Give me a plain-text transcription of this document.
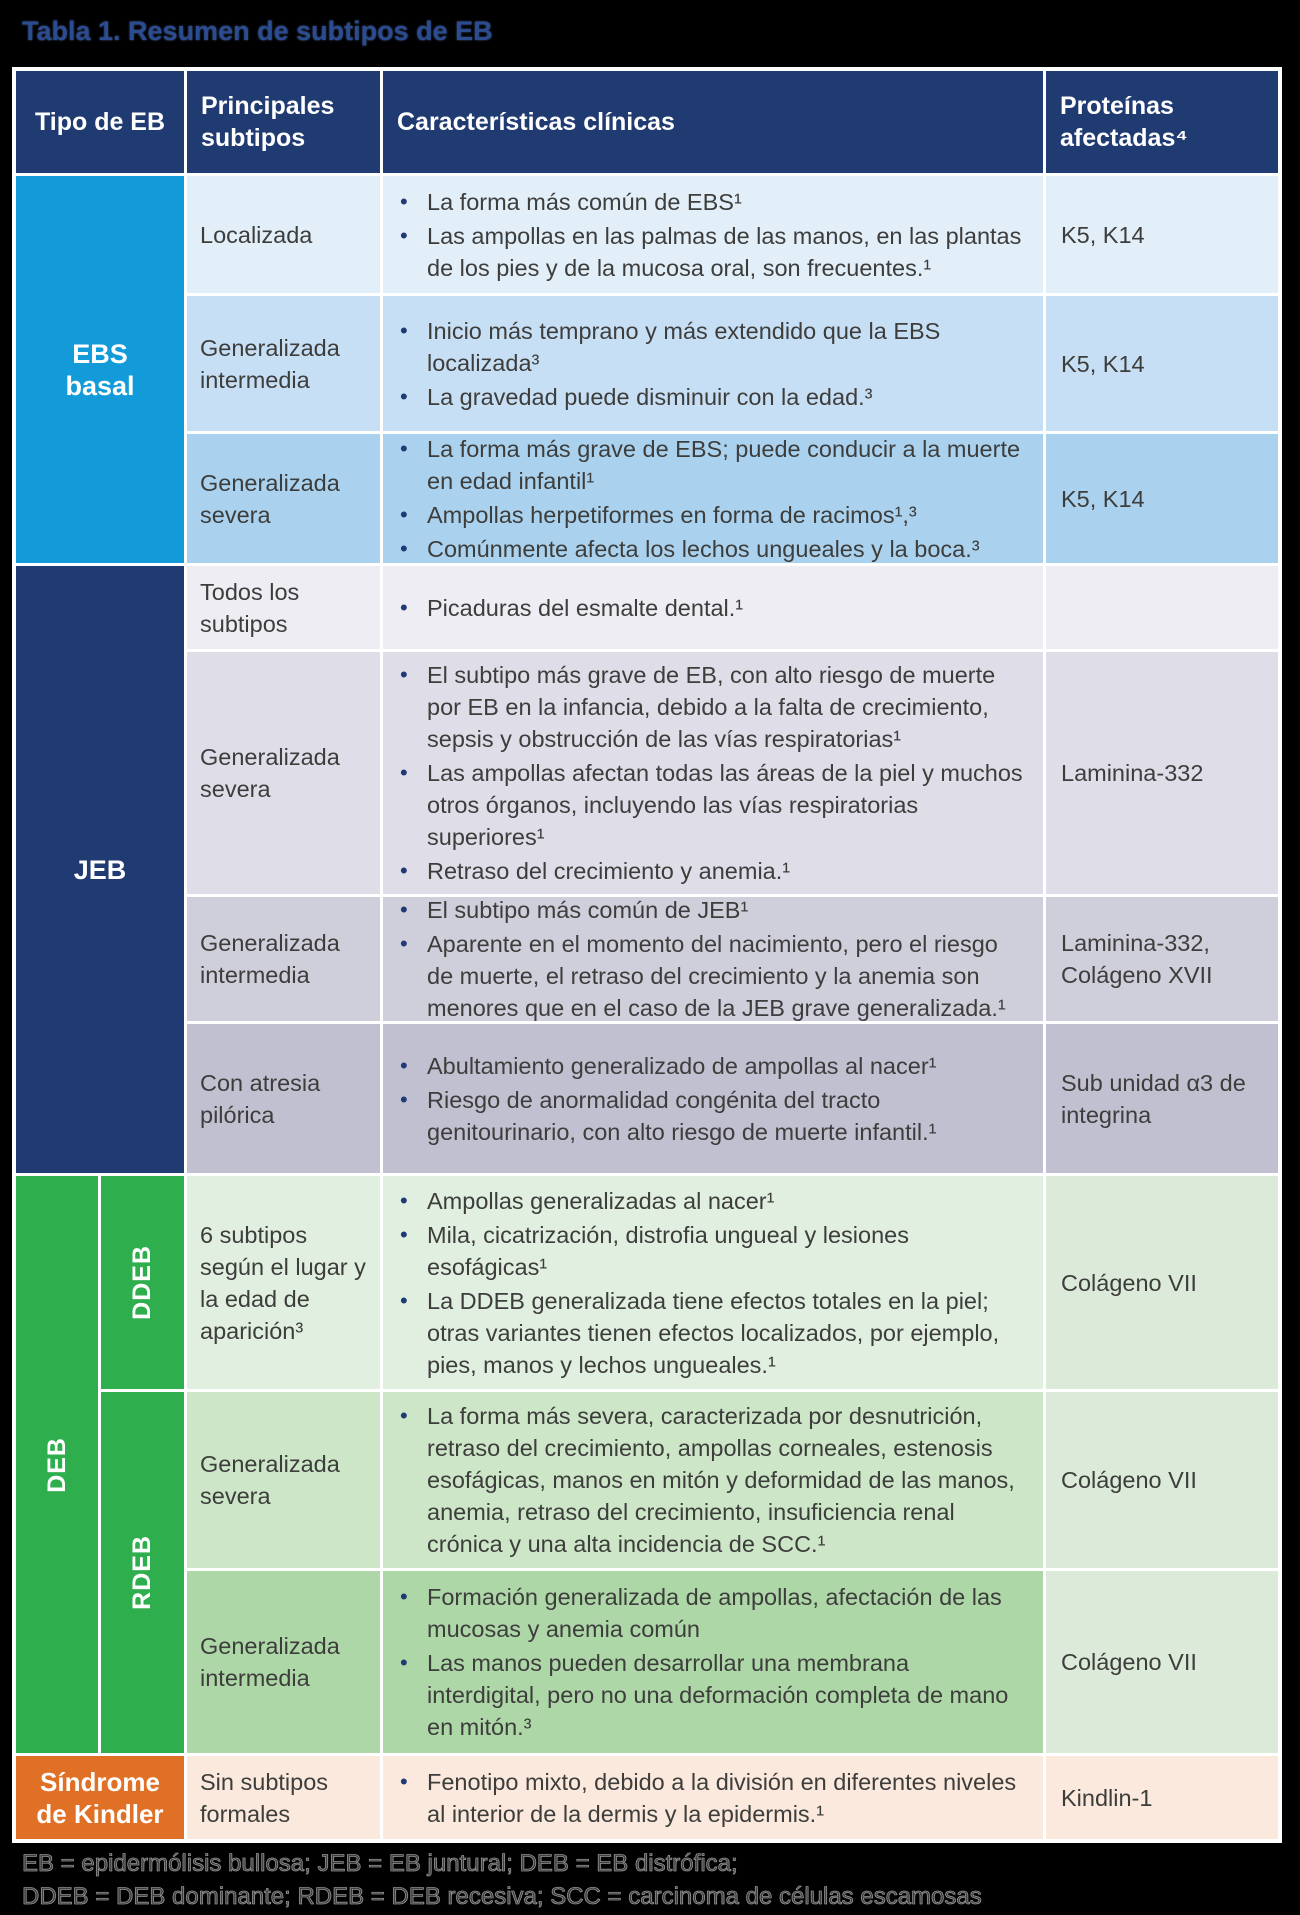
Tabla 1. Resumen de subtipos de EB
Tipo de EB
Principales subtipos
Características clínicas
Proteínas afectadas⁴
EBS
basal
Localizada
• La forma más común de EBS¹
• Las ampollas en las palmas de las manos, en las plantas de los pies y de la mucosa oral, son frecuentes.¹
K5, K14
Generalizada intermedia
• Inicio más temprano y más extendido que la EBS localizada³
• La gravedad puede disminuir con la edad.³
K5, K14
Generalizada severa
• La forma más grave de EBS; puede conducir a la muerte en edad infantil¹
• Ampollas herpetiformes en forma de racimos¹,³
• Comúnmente afecta los lechos ungueales y la boca.³
K5, K14
JEB
Todos los subtipos
• Picaduras del esmalte dental.¹
Generalizada severa
• El subtipo más grave de EB, con alto riesgo de muerte por EB en la infancia, debido a la falta de crecimiento, sepsis y obstrucción de las vías respiratorias¹
• Las ampollas afectan todas las áreas de la piel y muchos otros órganos, incluyendo las vías respiratorias superiores¹
• Retraso del crecimiento y anemia.¹
Laminina-332
Generalizada intermedia
• El subtipo más común de JEB¹
• Aparente en el momento del nacimiento, pero el riesgo de muerte, el retraso del crecimiento y la anemia son menores que en el caso de la JEB grave generalizada.¹
Laminina-332, Colágeno XVII
Con atresia pilórica
• Abultamiento generalizado de ampollas al nacer¹
• Riesgo de anormalidad congénita del tracto genitourinario, con alto riesgo de muerte infantil.¹
Sub unidad α3 de integrina
DEB
DDEB
RDEB
6 subtipos según el lugar y la edad de aparición³
• Ampollas generalizadas al nacer¹
• Mila, cicatrización, distrofia ungueal y lesiones esofágicas¹
• La DDEB generalizada tiene efectos totales en la piel; otras variantes tienen efectos localizados, por ejemplo, pies, manos y lechos ungueales.¹
Colágeno VII
Generalizada severa
• La forma más severa, caracterizada por desnutrición, retraso del crecimiento, ampollas corneales, estenosis esofágicas, manos en mitón y deformidad de las manos, anemia, retraso del crecimiento, insuficiencia renal crónica y una alta incidencia de SCC.¹
Colágeno VII
Generalizada intermedia
• Formación generalizada de ampollas, afectación de las mucosas y anemia común
• Las manos pueden desarrollar una membrana interdigital, pero no una deformación completa de mano en mitón.³
Colágeno VII
Síndrome
de Kindler
Sin subtipos formales
• Fenotipo mixto, debido a la división en diferentes niveles al interior de la dermis y la epidermis.¹
Kindlin-1
EB = epidermólisis bullosa; JEB = EB juntural; DEB = EB distrófica;
DDEB = DEB dominante; RDEB = DEB recesiva; SCC = carcinoma de células escamosas
